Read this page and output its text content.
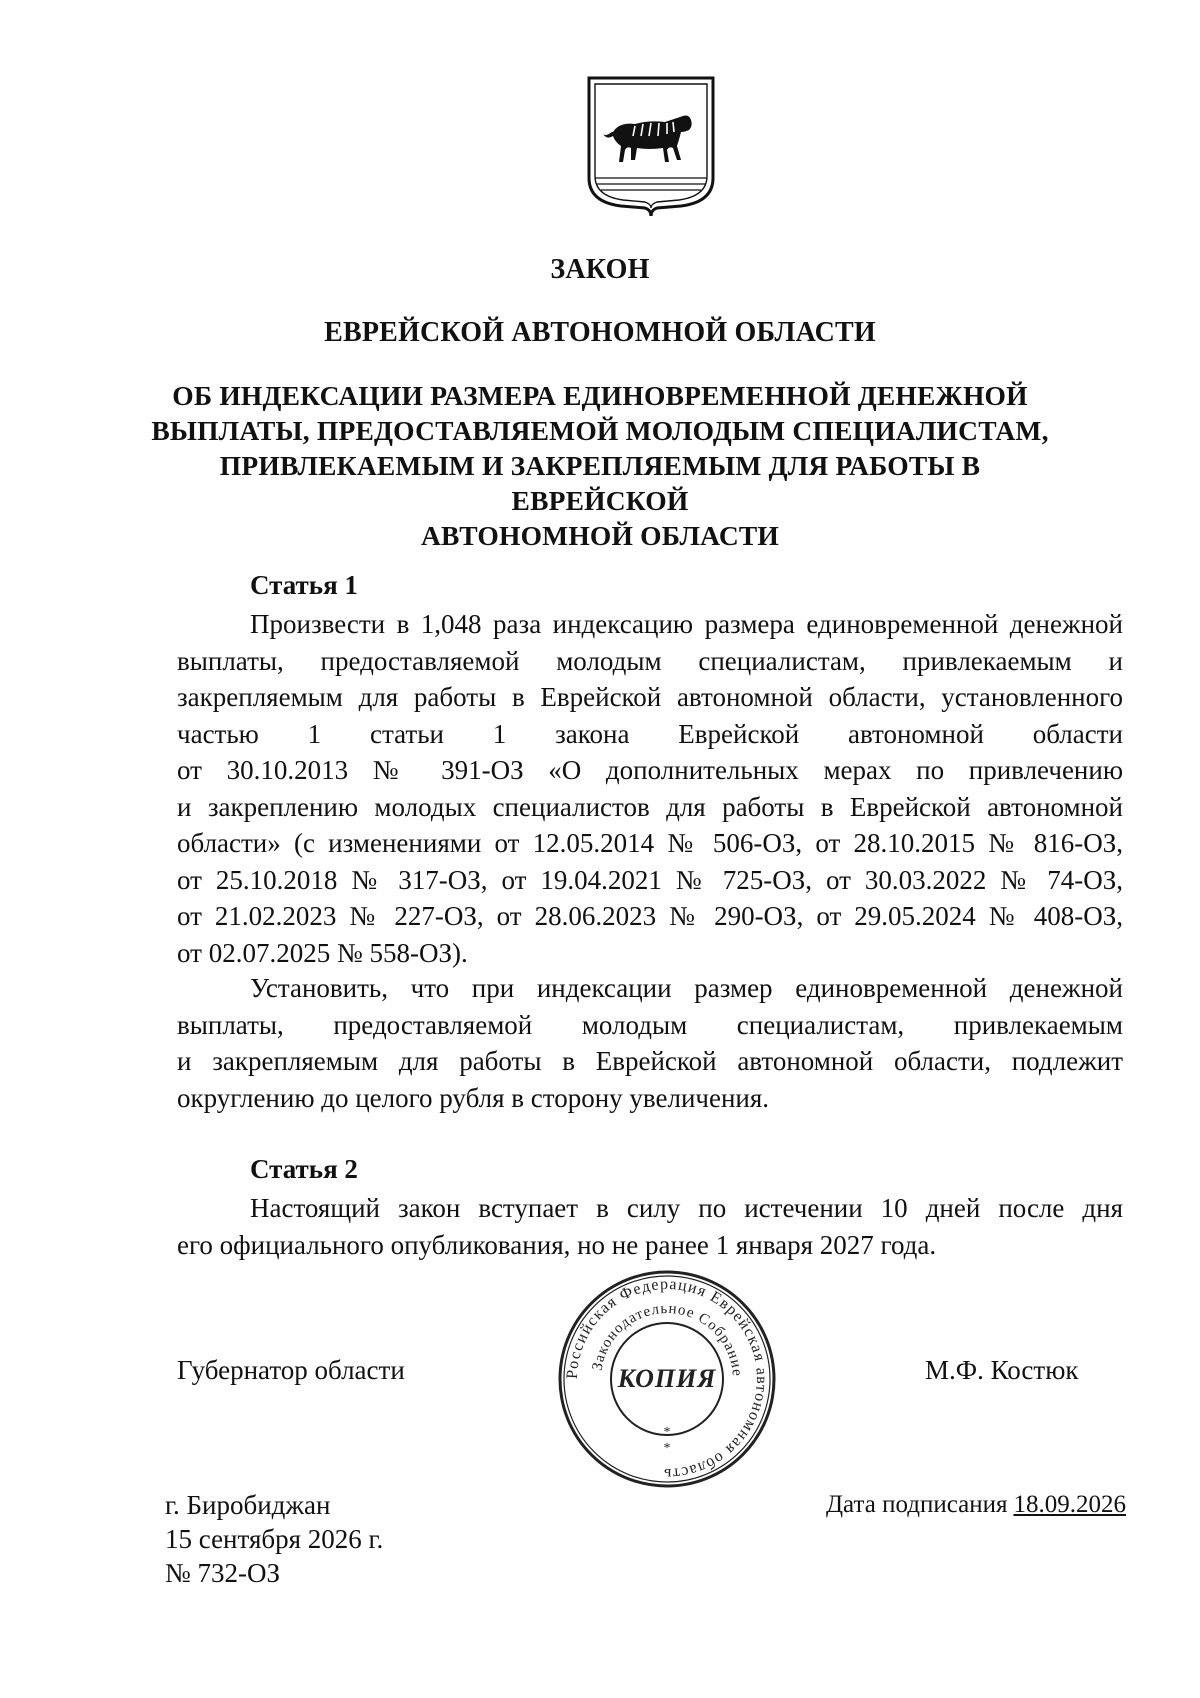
ЗАКОН
ЕВРЕЙСКОЙ АВТОНОМНОЙ ОБЛАСТИ
ОБ ИНДЕКСАЦИИ РАЗМЕРА ЕДИНОВРЕМЕННОЙ ДЕНЕЖНОЙ
ВЫПЛАТЫ, ПРЕДОСТАВЛЯЕМОЙ МОЛОДЫМ СПЕЦИАЛИСТАМ,
ПРИВЛЕКАЕМЫМ И ЗАКРЕПЛЯЕМЫМ ДЛЯ РАБОТЫ В ЕВРЕЙСКОЙ
АВТОНОМНОЙ ОБЛАСТИ
Статья 1
Произвести в 1,048 раза индексацию размера единовременной денежной
выплаты, предоставляемой молодым специалистам, привлекаемым и
закрепляемым для работы в Еврейской автономной области, установленного
частью 1 статьи 1 закона Еврейской автономной области
от 30.10.2013 № 391-ОЗ «О дополнительных мерах по привлечению
и закреплению молодых специалистов для работы в Еврейской автономной
области» (с изменениями от 12.05.2014 № 506-ОЗ, от 28.10.2015 № 816-ОЗ,
от 25.10.2018 № 317-ОЗ, от 19.04.2021 № 725-ОЗ, от 30.03.2022 № 74-ОЗ,
от 21.02.2023 № 227-ОЗ, от 28.06.2023 № 290-ОЗ, от 29.05.2024 № 408-ОЗ,
от 02.07.2025 № 558-ОЗ).
Установить, что при индексации размер единовременной денежной
выплаты, предоставляемой молодым специалистам, привлекаемым
и закрепляемым для работы в Еврейской автономной области, подлежит
округлению до целого рубля в сторону увеличения.
Статья 2
Настоящий закон вступает в силу по истечении 10 дней после дня
его официального опубликования, но не ранее 1 января 2027 года.
Губернатор области	М.Ф. Костюк
Российская Федерация Еврейская автономная область
Законодательное Собрание
КОПИЯ
*
*
Дата подписания 18.09.2026
г. Биробиджан
15 сентября 2026 г.
№ 732-ОЗ
